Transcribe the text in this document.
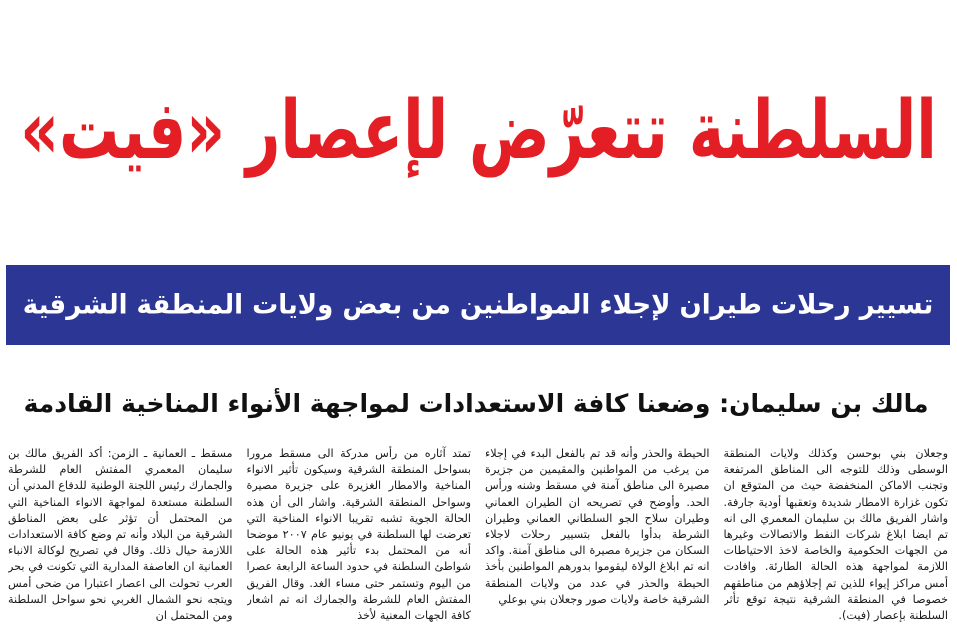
السلطنة تتعرّض لإعصار «فيت»
تسيير رحلات طيران لإجلاء المواطنين من بعض ولايات المنطقة الشرقية
مالك بن سليمان: وضعنا كافة الاستعدادات لمواجهة الأنواء المناخية القادمة

مسقط ـ العمانية ـ الزمن: أكد الفريق مالك بن سليمان المعمري المفتش العام للشرطة والجمارك رئيس اللجنة الوطنية للدفاع المدني أن السلطنة مستعدة لمواجهة الانواء المناخية التي من المحتمل أن تؤثر على بعض المناطق الشرقية من البلاد وأنه تم وضع كافة الاستعدادات اللازمة حيال ذلك. وقال في تصريح لوكالة الانباء العمانية ان العاصفة المدارية التي تكونت في بحر العرب تحولت الى اعصار اعتبارا من ضحى أمس ويتجه نحو الشمال الغربي نحو سواحل السلطنة ومن المحتمل ان

تمتد آثاره من رأس مدركة الى مسقط مرورا بسواحل المنطقة الشرقية وسيكون تأثير الانواء المناخية والامطار الغزيرة على جزيرة مصيرة وسواحل المنطقة الشرقية. واشار الى أن هذه الحالة الجوية تشبه تقريبا الانواء المناخية التي تعرضت لها السلطنة في يونيو عام ٢٠٠٧ موضحا أنه من المحتمل بدء تأثير هذه الحالة على شواطئ السلطنة في حدود الساعة الرابعة عصرا من اليوم وتستمر حتى مساء الغد. وقال الفريق المفتش العام للشرطة والجمارك انه تم اشعار كافة الجهات المعنية لأخذ

الحيطة والحذر وأنه قد تم بالفعل البدء في إجلاء من يرغب من المواطنين والمقيمين من جزيرة مصيرة الى مناطق آمنة في مسقط وشنه ورأس الحد. وأوضح في تصريحه ان الطيران العماني وطيران سلاح الجو السلطاني العماني وطيران الشرطة بدأوا بالفعل بتسيير رحلات لاجلاء السكان من جزيرة مصيرة الى مناطق آمنة. واكد انه تم ابلاغ الولاة ليقوموا بدورهم المواطنين بأخذ الحيطة والحذر في عدد من ولايات المنطقة الشرقية خاصة ولايات صور وجعلان بني بوعلي

وجعلان بني بوحسن وكذلك ولايات المنطقة الوسطى وذلك للتوجه الى المناطق المرتفعة وتجنب الاماكن المنخفضة حيث من المتوقع ان تكون غزارة الامطار شديدة وتعقبها أودية جارفة. واشار الفريق مالك بن سليمان المعمري الى انه تم ايضا ابلاغ شركات النفط والاتصالات وغيرها من الجهات الحكومية والخاصة لاخذ الاحتياطات اللازمة لمواجهة هذه الحالة الطارئة. وافادت أمس مراكز إيواء للذين تم إجلاؤهم من مناطقهم خصوصا في المنطقة الشرقية نتيجة توقع تأثر السلطنة بإعصار (فيت).
